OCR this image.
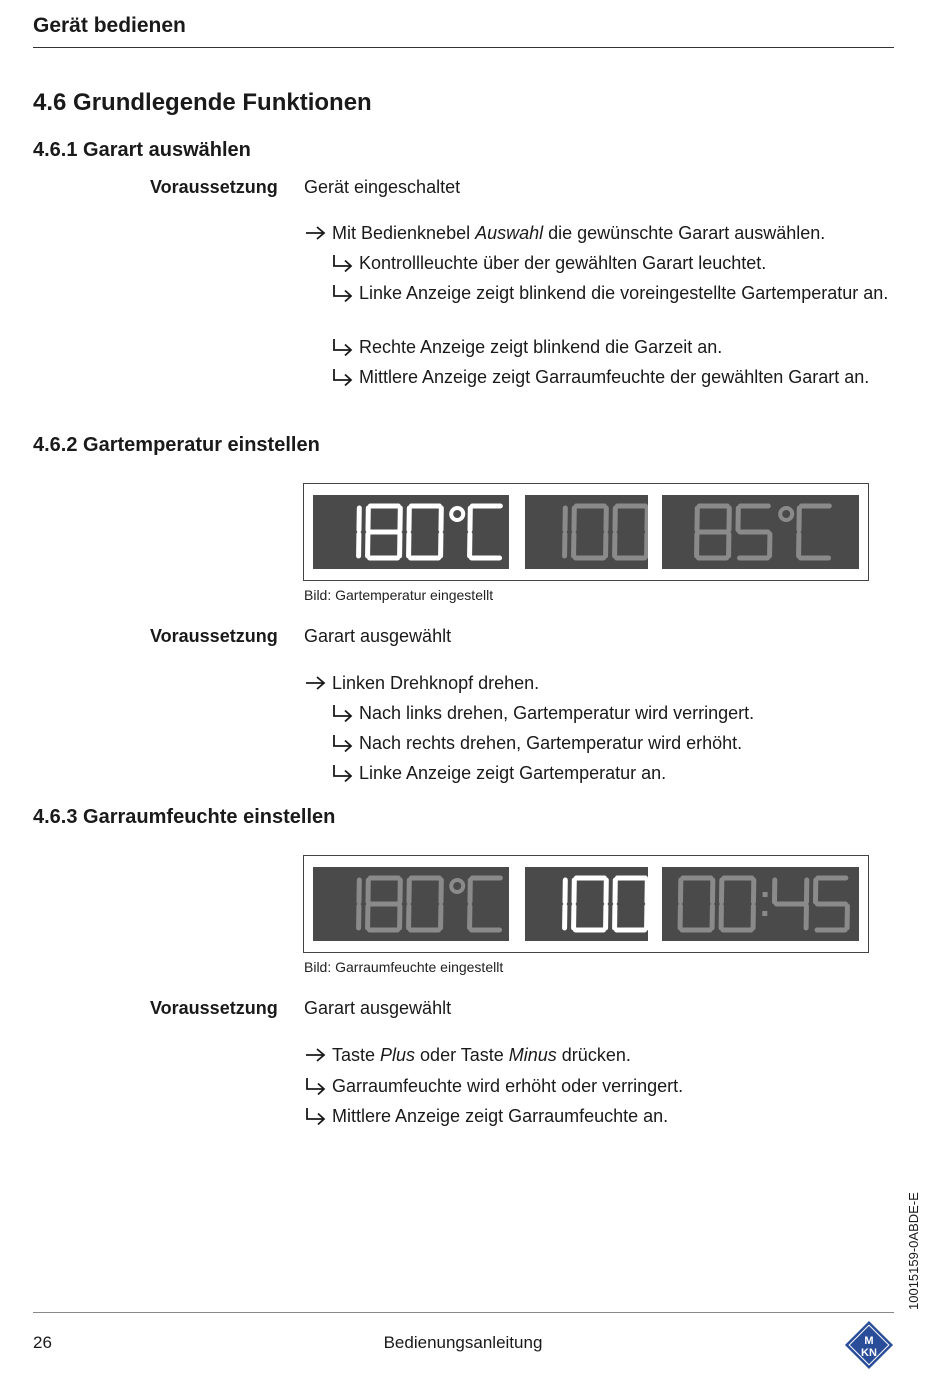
Gerät bedienen
4.6 Grundlegende Funktionen
4.6.1 Garart auswählen
Voraussetzung Gerät eingeschaltet
Mit Bedienknebel Auswahl die gewünschte Garart auswählen.
Kontrollleuchte über der gewählten Garart leuchtet.
Linke Anzeige zeigt blinkend die voreingestellte Gartemperatur an.
Rechte Anzeige zeigt blinkend die Garzeit an.
Mittlere Anzeige zeigt Garraumfeuchte der gewählten Garart an.
4.6.2 Gartemperatur einstellen
Bild: Gartemperatur eingestellt
Voraussetzung Garart ausgewählt
Linken Drehknopf drehen.
Nach links drehen, Gartemperatur wird verringert.
Nach rechts drehen, Gartemperatur wird erhöht.
Linke Anzeige zeigt Gartemperatur an.
4.6.3 Garraumfeuchte einstellen
Bild: Garraumfeuchte eingestellt
Voraussetzung Garart ausgewählt
Taste Plus oder Taste Minus drücken.
Garraumfeuchte wird erhöht oder verringert.
Mittlere Anzeige zeigt Garraumfeuchte an.
10015159-0ABDE-E
26	Bedienungsanleitung	M
KN
